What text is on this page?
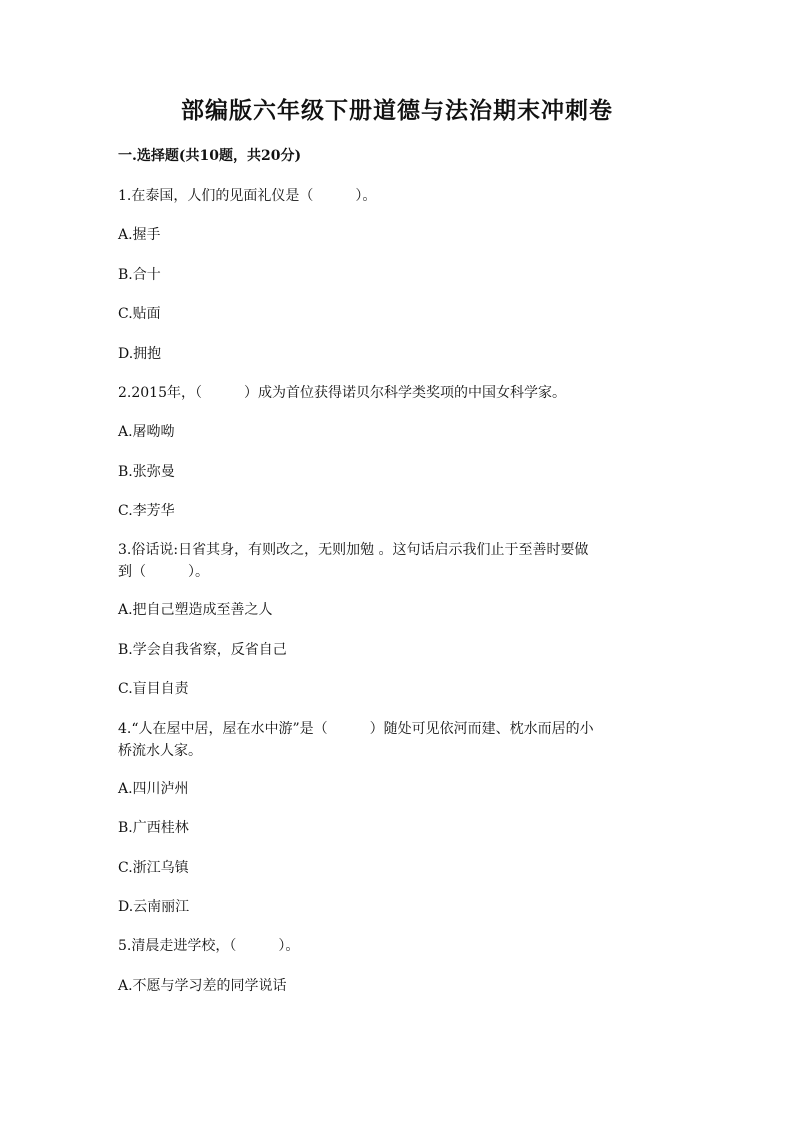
部编版六年级下册道德与法治期末冲刺卷
一.选择题(共10题，共20分)
1.在泰国，人们的见面礼仪是（　　　）。
A.握手
B.合十
C.贴面
D.拥抱
2.2015年，（　　　）成为首位获得诺贝尔科学类奖项的中国女科学家。
A.屠呦呦
B.张弥曼
C.李芳华
3.俗话说:日省其身，有则改之，无则加勉 。这句话启示我们止于至善时要做
到（　　　）。
A.把自己塑造成至善之人
B.学会自我省察，反省自己
C.盲目自责
4.“人在屋中居，屋在水中游”是（　　　）随处可见依河而建、枕水而居的小
桥流水人家。
A.四川泸州
B.广西桂林
C.浙江乌镇
D.云南丽江
5.清晨走进学校，（　　　）。
A.不愿与学习差的同学说话
